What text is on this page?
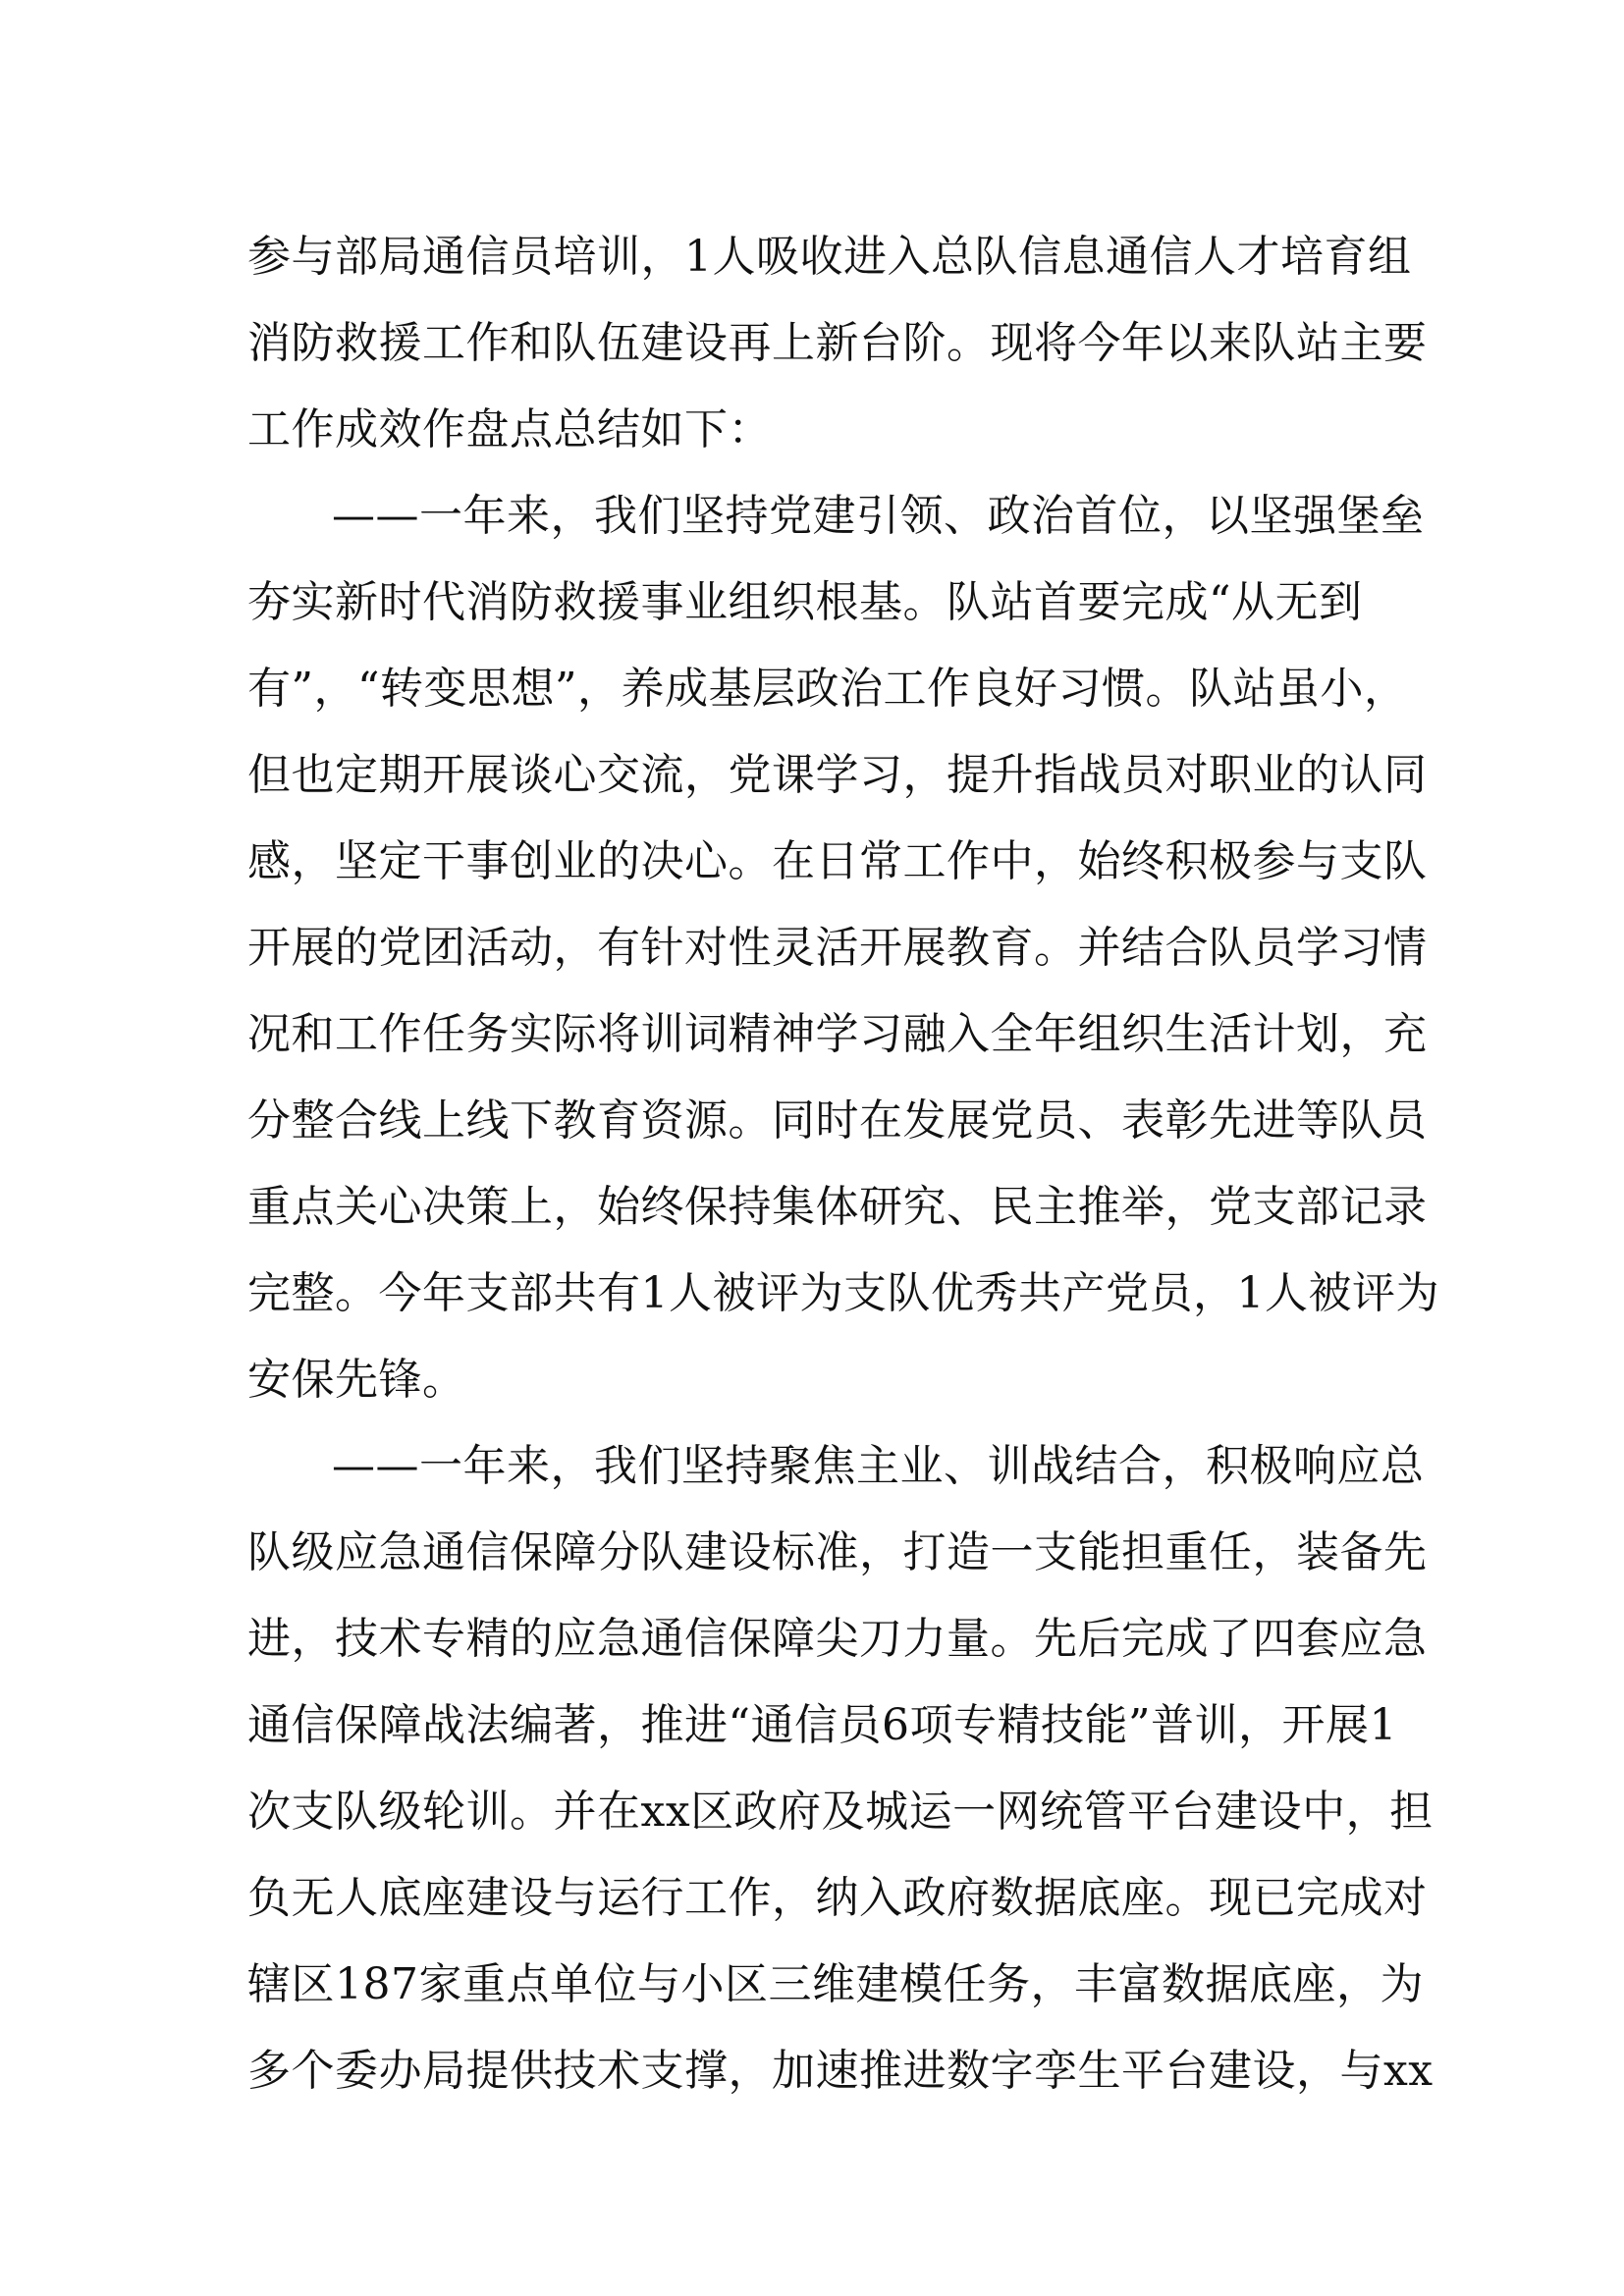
参与部局通信员培训，1人吸收进入总队信息通信人才培育组
消防救援工作和队伍建设再上新台阶。现将今年以来队站主要
工作成效作盘点总结如下：
——一年来，我们坚持党建引领、政治首位，以坚强堡垒
夯实新时代消防救援事业组织根基。队站首要完成“从无到
有”，“转变思想”，养成基层政治工作良好习惯。队站虽小，
但也定期开展谈心交流，党课学习，提升指战员对职业的认同
感，坚定干事创业的决心。在日常工作中，始终积极参与支队
开展的党团活动，有针对性灵活开展教育。并结合队员学习情
况和工作任务实际将训词精神学习融入全年组织生活计划，充
分整合线上线下教育资源。同时在发展党员、表彰先进等队员
重点关心决策上，始终保持集体研究、民主推举，党支部记录
完整。今年支部共有1人被评为支队优秀共产党员，1人被评为
安保先锋。
——一年来，我们坚持聚焦主业、训战结合，积极响应总
队级应急通信保障分队建设标准，打造一支能担重任，装备先
进，技术专精的应急通信保障尖刀力量。先后完成了四套应急
通信保障战法编著，推进“通信员6项专精技能”普训，开展1
次支队级轮训。并在xx区政府及城运一网统管平台建设中，担
负无人底座建设与运行工作，纳入政府数据底座。现已完成对
辖区187家重点单位与小区三维建模任务，丰富数据底座，为
多个委办局提供技术支撑，加速推进数字孪生平台建设，与xx
